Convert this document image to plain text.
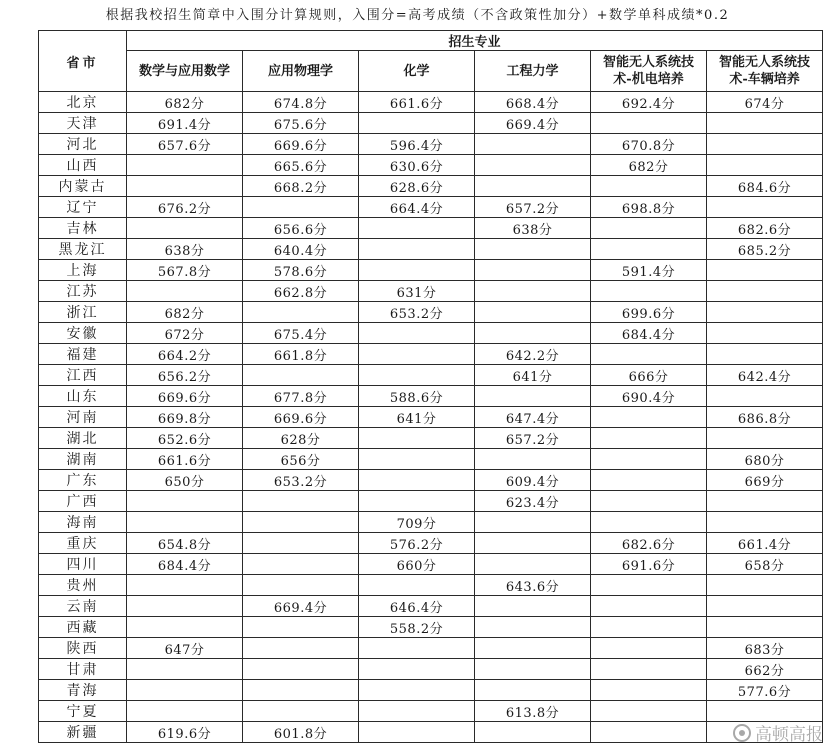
根据我校招生简章中入围分计算规则，入围分=高考成绩（不含政策性加分）+数学单科成绩*0.2
省市	招生专业					
	数学与应用数学	应用物理学	化学	工程力学	智能无人系统技术-机电培养	智能无人系统技术-车辆培养
北京	682分	674.8分	661.6分	668.4分	692.4分	674分
天津	691.4分	675.6分		669.4分		
河北	657.6分	669.6分	596.4分		670.8分	
山西		665.6分	630.6分		682分	
内蒙古		668.2分	628.6分			684.6分
辽宁	676.2分		664.4分	657.2分	698.8分	
吉林		656.6分		638分		682.6分
黑龙江	638分	640.4分				685.2分
上海	567.8分	578.6分			591.4分	
江苏		662.8分	631分			
浙江	682分		653.2分		699.6分	
安徽	672分	675.4分			684.4分	
福建	664.2分	661.8分		642.2分		
江西	656.2分			641分	666分	642.4分
山东	669.6分	677.8分	588.6分		690.4分	
河南	669.8分	669.6分	641分	647.4分		686.8分
湖北	652.6分	628分		657.2分		
湖南	661.6分	656分				680分
广东	650分	653.2分		609.4分		669分
广西				623.4分		
海南			709分			
重庆	654.8分		576.2分		682.6分	661.4分
四川	684.4分		660分		691.6分	658分
贵州				643.6分		
云南		669.4分	646.4分			
西藏			558.2分			
陕西	647分					683分
甘肃						662分
青海						577.6分
宁夏				613.8分		
新疆	619.6分	601.8分					高顿高报
